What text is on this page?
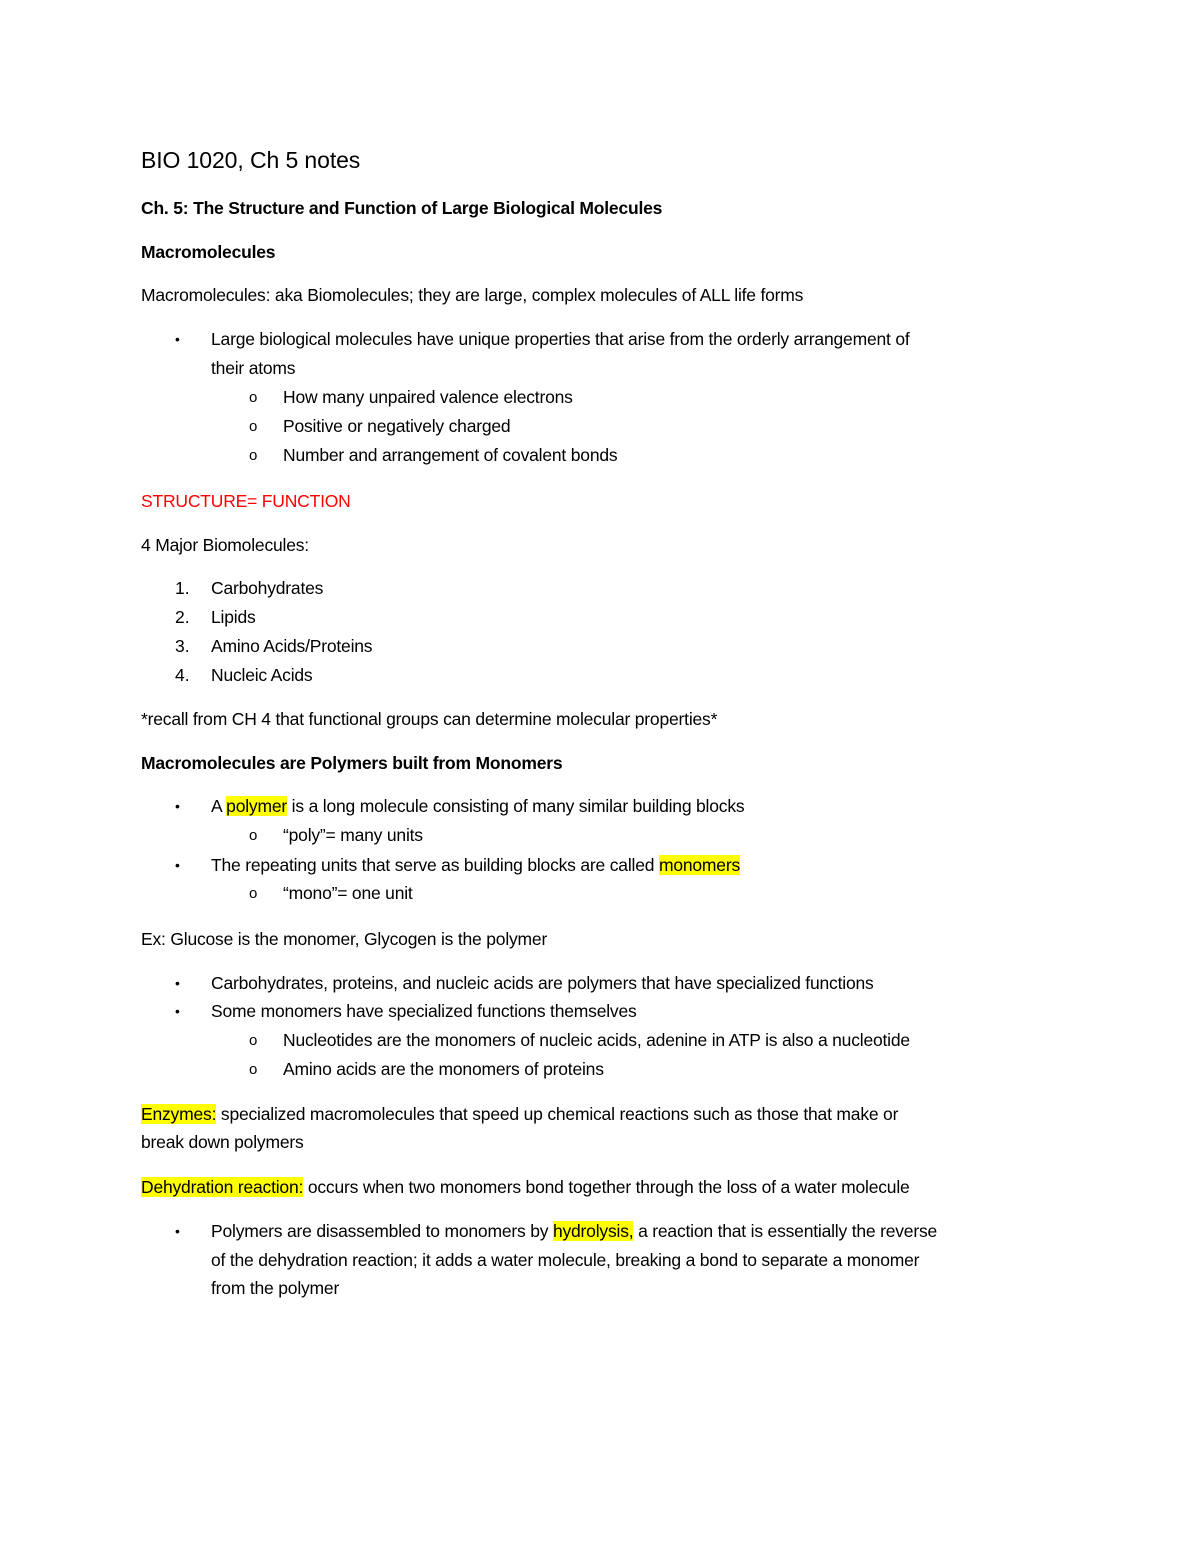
BIO 1020, Ch 5 notes
Ch. 5: The Structure and Function of Large Biological Molecules
Macromolecules
Macromolecules: aka Biomolecules; they are large, complex molecules of ALL life forms
• Large biological molecules have unique properties that arise from the orderly arrangement of
their atoms
o How many unpaired valence electrons
o Positive or negatively charged
o Number and arrangement of covalent bonds
STRUCTURE= FUNCTION
4 Major Biomolecules:
1. Carbohydrates
2. Lipids
3. Amino Acids/Proteins
4. Nucleic Acids
*recall from CH 4 that functional groups can determine molecular properties*
Macromolecules are Polymers built from Monomers
• A polymer is a long molecule consisting of many similar building blocks
o “poly”= many units
• The repeating units that serve as building blocks are called monomers
o “mono”= one unit
Ex: Glucose is the monomer, Glycogen is the polymer
• Carbohydrates, proteins, and nucleic acids are polymers that have specialized functions
• Some monomers have specialized functions themselves
o Nucleotides are the monomers of nucleic acids, adenine in ATP is also a nucleotide
o Amino acids are the monomers of proteins
Enzymes: specialized macromolecules that speed up chemical reactions such as those that make or
break down polymers
Dehydration reaction: occurs when two monomers bond together through the loss of a water molecule
• Polymers are disassembled to monomers by hydrolysis, a reaction that is essentially the reverse
of the dehydration reaction; it adds a water molecule, breaking a bond to separate a monomer
from the polymer
